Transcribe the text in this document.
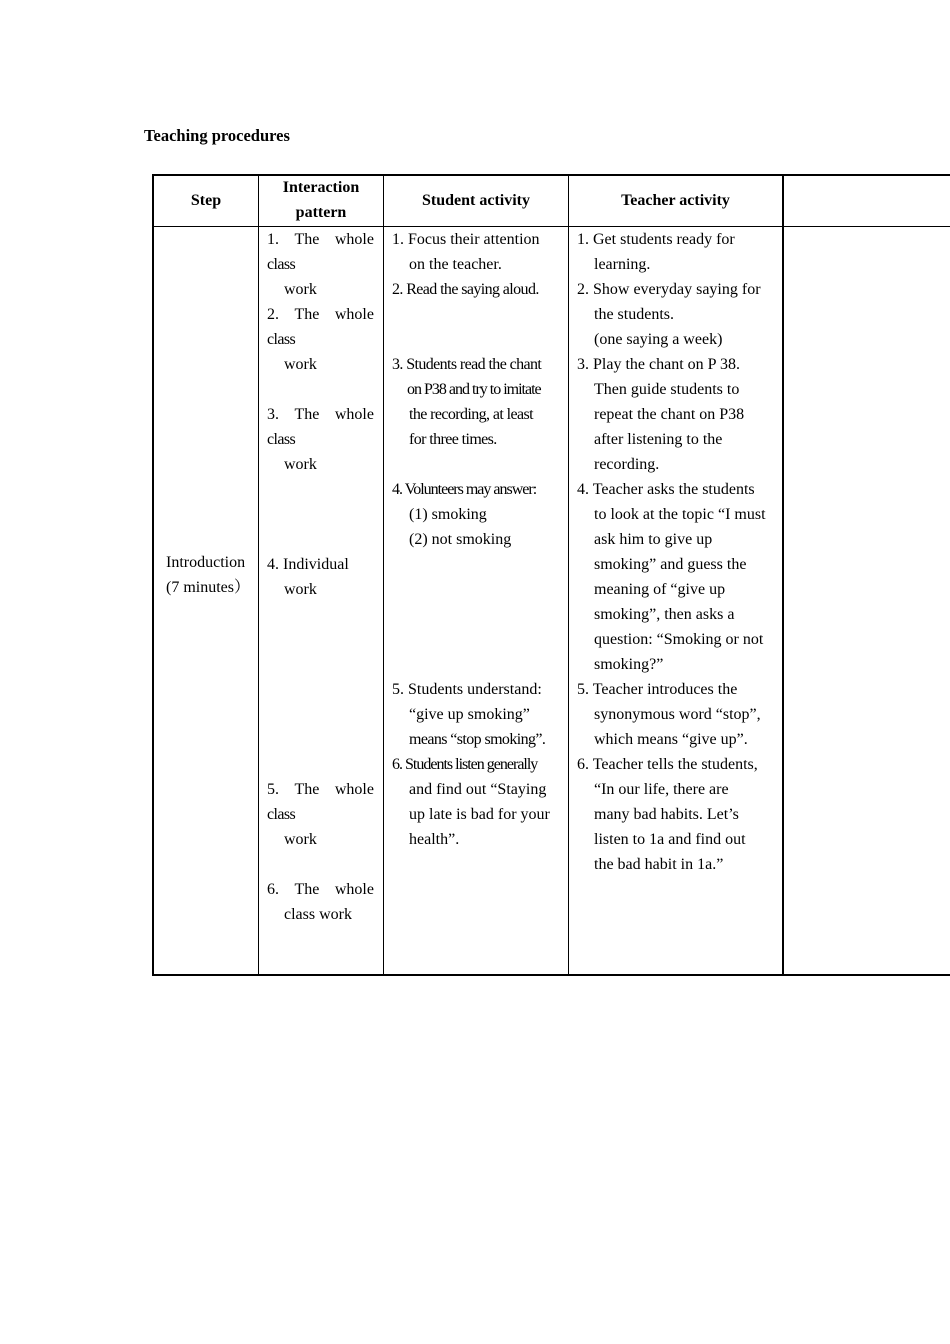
Teaching procedures
Step
Interaction
pattern
Student activity	Teacher activity
Introduction
(7 minutes）
1. The whole
class
work
2. The whole
class
work
3. The whole
class
work
4. Individual
work
5. The whole
class
work
6. The whole
class work
1. Focus their attention
on the teacher.
2. Read the saying aloud.
3. Students read the chant
on P38 and try to imitate
the recording, at least
for three times.
4. Volunteers may answer:
(1) smoking
(2) not smoking
5. Students understand:
“give up smoking”
means “stop smoking”.
6. Students listen generally
and find out “Staying
up late is bad for your
health”.
1. Get students ready for
learning.
2. Show everyday saying for
the students.
(one saying a week)
3. Play the chant on P 38.
Then guide students to
repeat the chant on P38
after listening to the
recording.
4. Teacher asks the students
to look at the topic “I must
ask him to give up
smoking” and guess the
meaning of “give up
smoking”, then asks a
question: “Smoking or not
smoking?”
5. Teacher introduces the
synonymous word “stop”,
which means “give up”.
6. Teacher tells the students,
“In our life, there are
many bad habits. Let’s
listen to 1a and find out
the bad habit in 1a.”
